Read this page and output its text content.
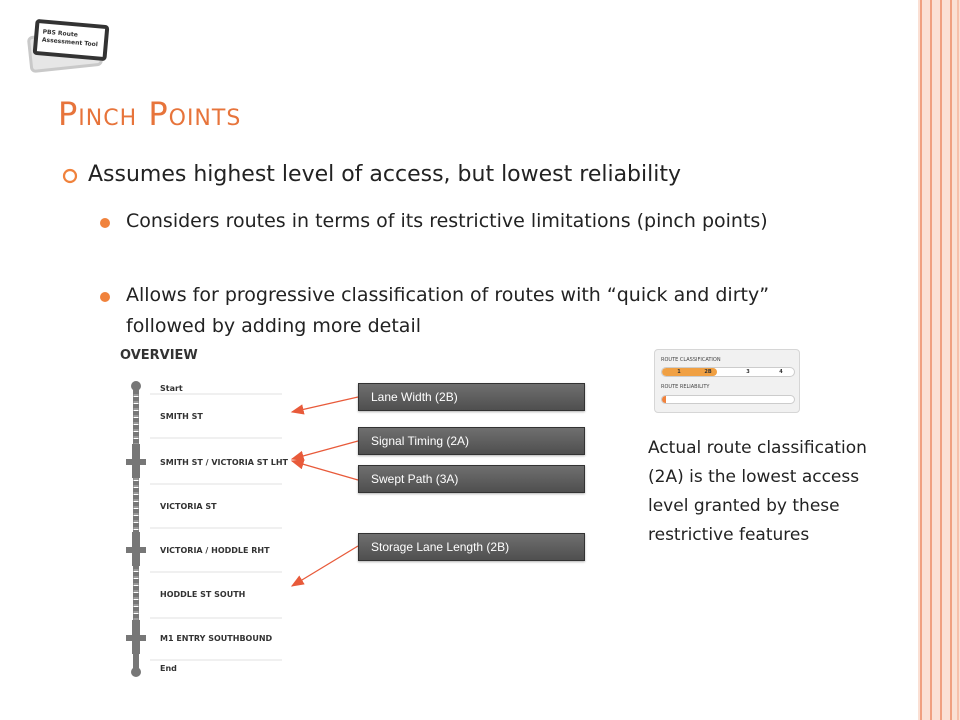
PBS Route
Assessment Tool
PINCH POINTS
Assumes highest level of access, but lowest reliability
Considers routes in terms of its restrictive limitations (pinch points)
Allows for progressive classification of routes with “quick and dirty” followed by adding more detail
OVERVIEW
Start
SMITH ST
SMITH ST / VICTORIA ST LHT
VICTORIA ST
VICTORIA / HODDLE RHT
HODDLE ST SOUTH
M1 ENTRY SOUTHBOUND
End
Lane Width (2B)
Signal Timing (2A)
Swept Path (3A)
Storage Lane Length (2B)
ROUTE CLASSIFICATION
1	2B	3	4
ROUTE RELIABILITY
Actual route classification (2A) is the lowest access level granted by these restrictive features
